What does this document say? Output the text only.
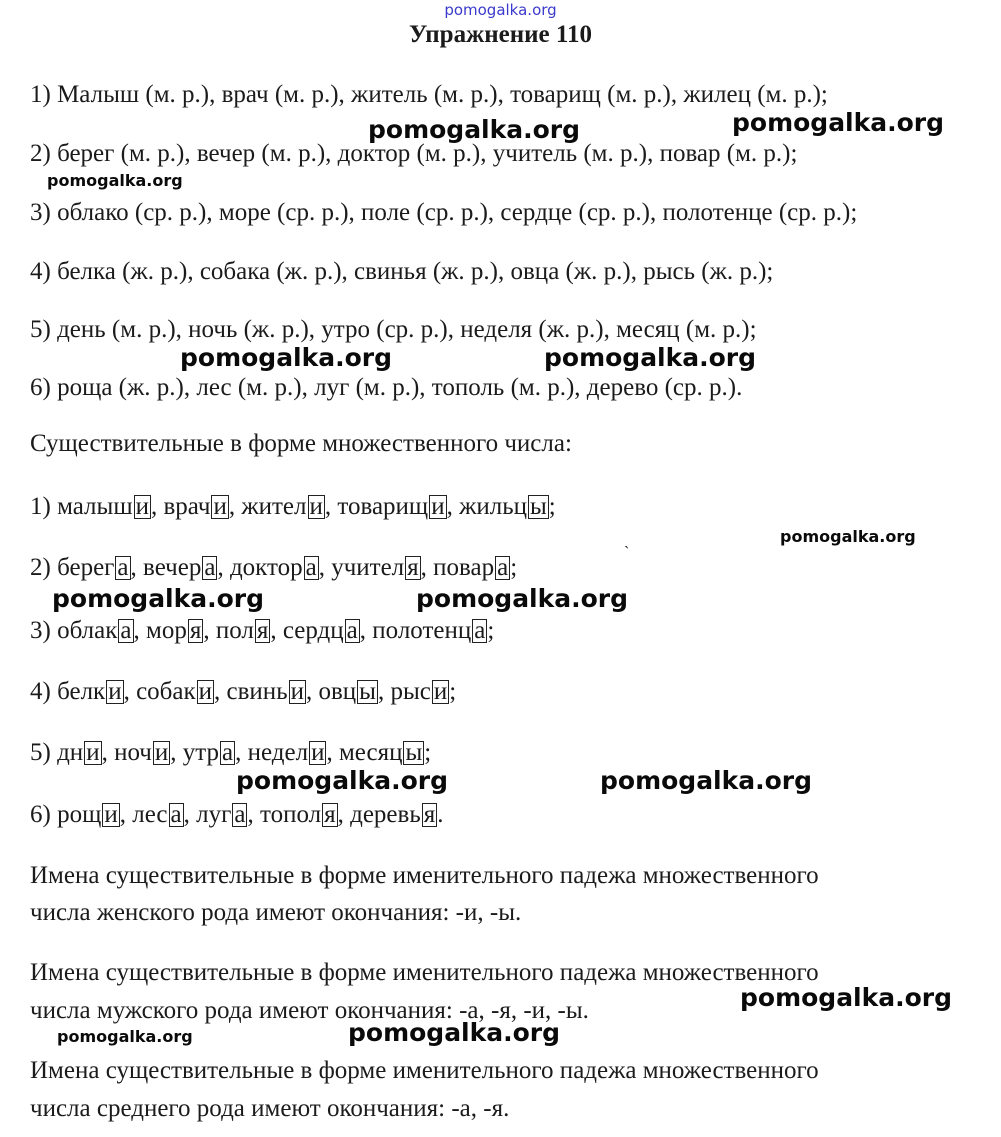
pomogalka.org
Упражнение 110

1) Малыш (м. р.), врач (м. р.), житель (м. р.), товарищ (м. р.), жилец (м. р.);

2) берег (м. р.), вечер (м. р.), доктор (м. р.), учитель (м. р.), повар (м. р.);

3) облако (ср. р.), море (ср. р.), поле (ср. р.), сердце (ср. р.), полотенце (ср. р.);

4) белка (ж. р.), собака (ж. р.), свинья (ж. р.), овца (ж. р.), рысь (ж. р.);

5) день (м. р.), ночь (ж. р.), утро (ср. р.), неделя (ж. р.), месяц (м. р.);

6) роща (ж. р.), лес (м. р.), луг (м. р.), тополь (м. р.), дерево (ср. р.).

Существительные в форме множественного числа:

1) малыш и, врач и, жител и, товарищ и, жильц ы;

2) берег а, вечер а, доктор а, учител я, повар а;

3) облак а, мор я, пол я, сердц а, полотенц а;

4) белк и, собак и, свинь и, овц ы, рыс и;

5) дн и, ноч и, утр а, недел и, месяц ы;

6) рощ и, лес а, луг а, топол я, деревь я.

`

Имена существительные в форме именительного падежа множественного

числа женского рода имеют окончания: -и, -ы.

Имена существительные в форме именительного падежа множественного

числа мужского рода имеют окончания: -а, -я, -и, -ы.

Имена существительные в форме именительного падежа множественного

числа среднего рода имеют окончания: -а, -я.

pomogalka.org	pomogalka.org
pomogalka.org
pomogalka.org	pomogalka.org
pomogalka.org
pomogalka.org	pomogalka.org
pomogalka.org	pomogalka.org
pomogalka.org
pomogalka.org	pomogalka.org
